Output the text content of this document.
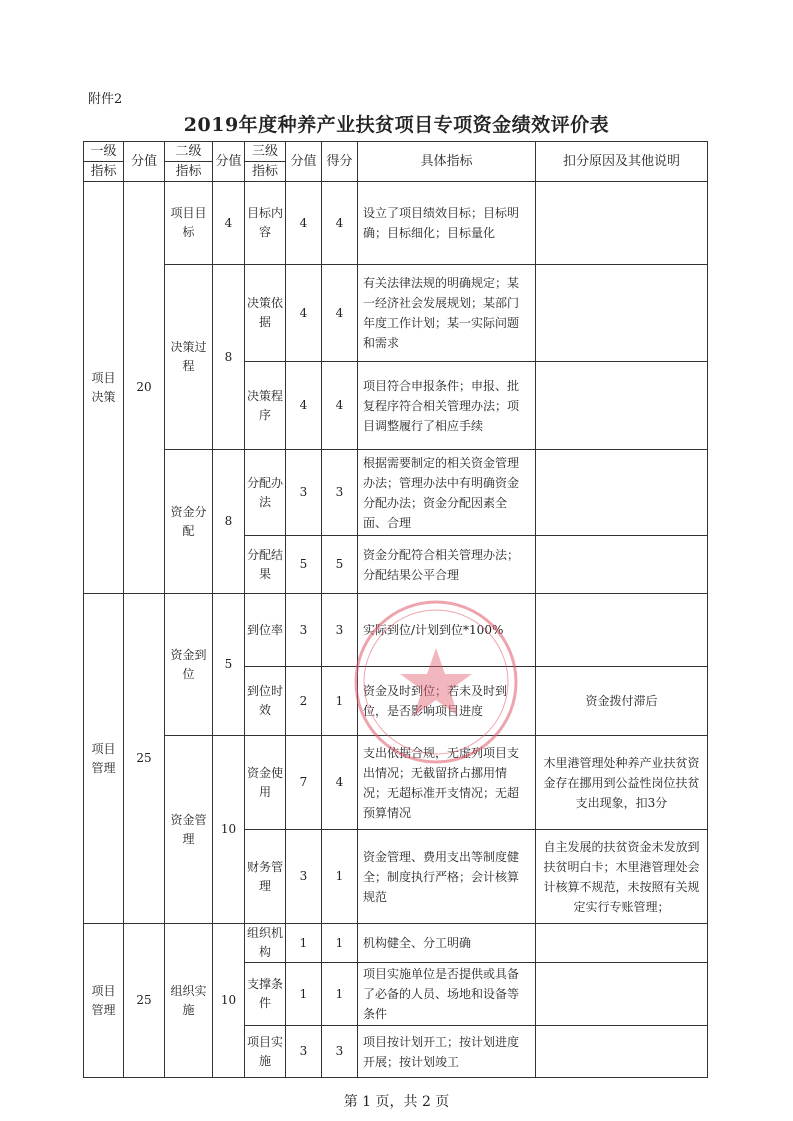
附件2
2019年度种养产业扶贫项目专项资金绩效评价表
一级	分值	二级	分值	三级	分值	得分	具体指标	扣分原因及其他说明
指标		指标		指标				
项目决策	20	项目目标	4	目标内容	4	4	设立了项目绩效目标；目标明确；目标细化；目标量化	
		决策过程	8	决策依据	4	4	有关法律法规的明确规定；某一经济社会发展规划；某部门年度工作计划；某一实际问题和需求	
				决策程序	4	4	项目符合申报条件；申报、批复程序符合相关管理办法；项目调整履行了相应手续	
		资金分配	8	分配办法	3	3	根据需要制定的相关资金管理办法；管理办法中有明确资金分配办法；资金分配因素全面、合理	
				分配结果	5	5	资金分配符合相关管理办法；分配结果公平合理	
项目管理	25	资金到位	5	到位率	3	3	实际到位/计划到位*100%	
				到位时效	2	1	资金及时到位；若未及时到位，是否影响项目进度	资金拨付滞后
		资金管理	10	资金使用	7	4	支出依据合规，无虚列项目支出情况；无截留挤占挪用情况；无超标准开支情况；无超预算情况	木里港管理处种养产业扶贫资金存在挪用到公益性岗位扶贫支出现象，扣3分
				财务管理	3	1	资金管理、费用支出等制度健全；制度执行严格；会计核算规范	自主发展的扶贫资金未发放到扶贫明白卡；木里港管理处会计核算不规范，未按照有关规定实行专账管理；
项目管理	25	组织实施	10	组织机构	1	1	机构健全、分工明确	
				支撑条件	1	1	项目实施单位是否提供或具备了必备的人员、场地和设备等条件	
				项目实施	3	3	项目按计划开工；按计划进度开展；按计划竣工	
第 1 页，共 2 页
